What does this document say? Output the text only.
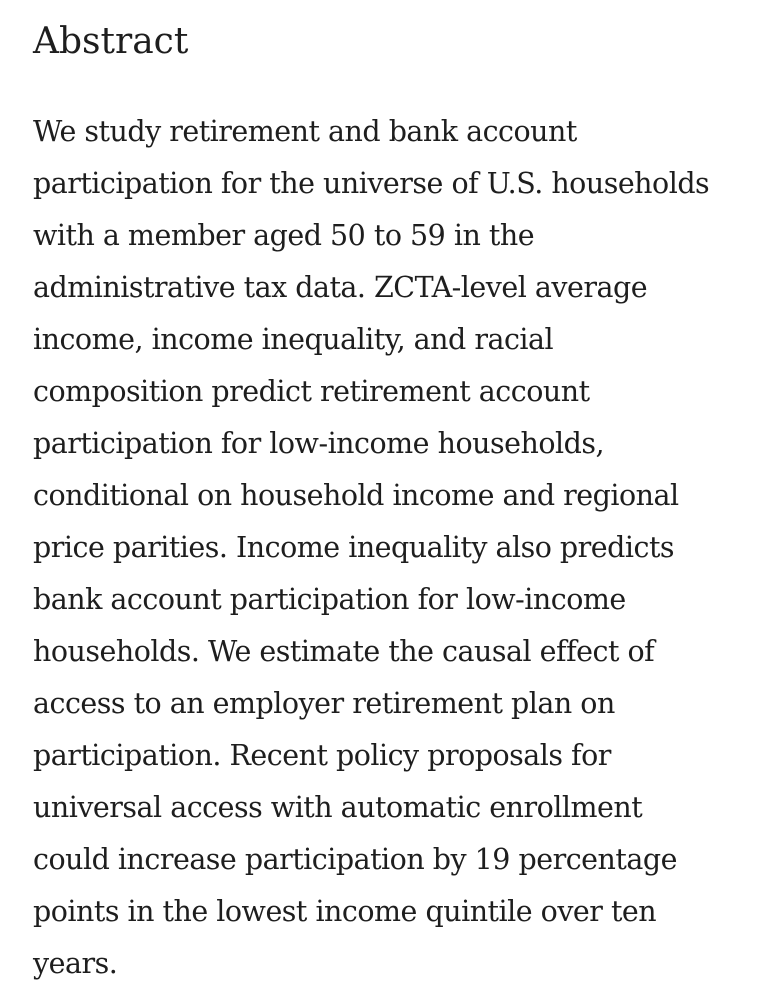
Abstract
We study retirement and bank account
participation for the universe of U.S. households
with a member aged 50 to 59 in the
administrative tax data. ZCTA-level average
income, income inequality, and racial
composition predict retirement account
participation for low-income households,
conditional on household income and regional
price parities. Income inequality also predicts
bank account participation for low-income
households. We estimate the causal effect of
access to an employer retirement plan on
participation. Recent policy proposals for
universal access with automatic enrollment
could increase participation by 19 percentage
points in the lowest income quintile over ten
years.
